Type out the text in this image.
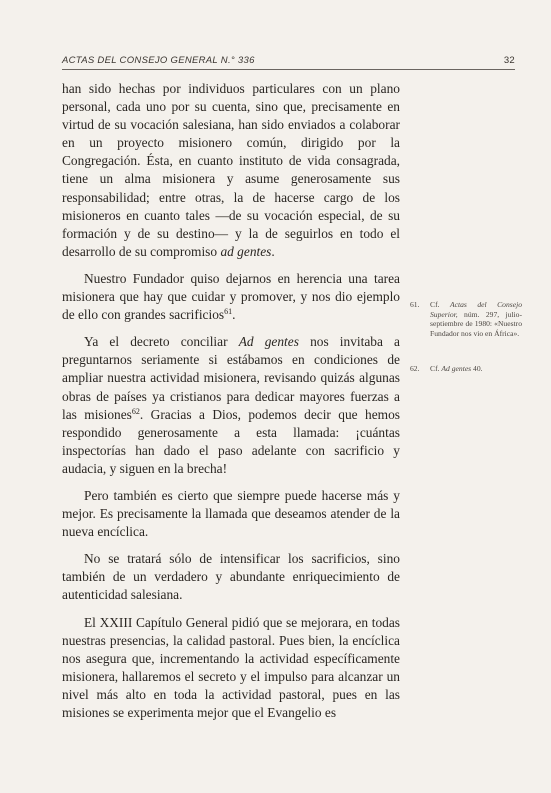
ACTAS DEL CONSEJO GENERAL N.° 336	32

han sido hechas por individuos particulares con un plano personal, cada uno por su cuenta, sino que, precisamente en virtud de su vocación salesiana, han sido enviados a colaborar en un proyecto misionero común, dirigido por la Congregación. Ésta, en cuanto instituto de vida consagrada, tiene un alma misionera y asume generosamente sus responsabilidad; entre otras, la de hacerse cargo de los misioneros en cuanto tales —de su vocación especial, de su formación y de su destino— y la de seguirlos en todo el desarrollo de su compromiso ad gentes.

Nuestro Fundador quiso dejarnos en herencia una tarea misionera que hay que cuidar y promover, y nos dio ejemplo de ello con grandes sacrificios$^{61}$.

Ya el decreto conciliar Ad gentes nos invitaba a preguntarnos seriamente si estábamos en condiciones de ampliar nuestra actividad misionera, revisando quizás algunas obras de países ya cristianos para dedicar mayores fuerzas a las misiones$^{62}$. Gracias a Dios, podemos decir que hemos respondido generosamente a esta llamada: ¡cuántas inspectorías han dado el paso adelante con sacrificio y audacia, y siguen en la brecha!

Pero también es cierto que siempre puede hacerse más y mejor. Es precisamente la llamada que deseamos atender de la nueva encíclica.

No se tratará sólo de intensificar los sacrificios, sino también de un verdadero y abundante enriquecimiento de autenticidad salesiana.

El XXIII Capítulo General pidió que se mejorara, en todas nuestras presencias, la calidad pastoral. Pues bien, la encíclica nos asegura que, incrementando la actividad específicamente misionera, hallaremos el secreto y el impulso para alcanzar un nivel más alto en toda la actividad pastoral, pues en las misiones se experimenta mejor que el Evangelio es

61.	Cf. Actas del Consejo Superior, núm. 297, julio-septiembre de 1980: «Nuestro Fundador nos vio en África».
62.	Cf. Ad gentes 40.
